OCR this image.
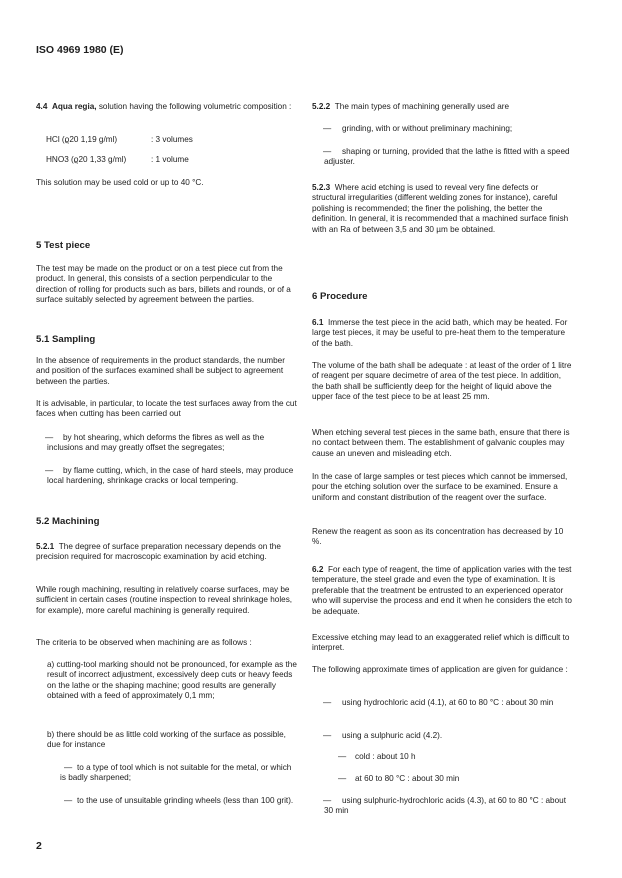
ISO 4969 1980 (E)

4.4 Aqua regia, solution having the following volumetric composition :

HCl (ϱ20 1,19 g/ml)	: 3 volumes
HNO3 (ϱ20 1,33 g/ml)	: 1 volume

This solution may be used cold or up to 40 °C.

5 Test piece

The test may be made on the product or on a test piece cut from the product. In general, this consists of a section perpendicular to the direction of rolling for products such as bars, billets and rounds, or of a surface suitably selected by agreement between the parties.

5.1 Sampling

In the absence of requirements in the product standards, the number and position of the surfaces examined shall be subject to agreement between the parties.

It is advisable, in particular, to locate the test surfaces away from the cut faces when cutting has been carried out

—	by hot shearing, which deforms the fibres as well as the inclusions and may greatly offset the segregates;

—	by flame cutting, which, in the case of hard steels, may produce local hardening, shrinkage cracks or local tempering.

5.2 Machining

5.2.1 The degree of surface preparation necessary depends on the precision required for macroscopic examination by acid etching.

While rough machining, resulting in relatively coarse surfaces, may be sufficient in certain cases (routine inspection to reveal shrinkage holes, for example), more careful machining is generally required.

The criteria to be observed when machining are as follows :

a) cutting-tool marking should not be pronounced, for example as the result of incorrect adjustment, excessively deep cuts or heavy feeds on the lathe or the shaping machine; good results are generally obtained with a feed of approximately 0,1 mm;

b) there should be as little cold working of the surface as possible, due for instance

— to a type of tool which is not suitable for the metal, or which is badly sharpened;

— to the use of unsuitable grinding wheels (less than 100 grit).

5.2.2 The main types of machining generally used are

—	grinding, with or without preliminary machining;

—	shaping or turning, provided that the lathe is fitted with a speed adjuster.

5.2.3 Where acid etching is used to reveal very fine defects or structural irregularities (different welding zones for instance), careful polishing is recommended; the finer the polishing, the better the definition. In general, it is recommended that a machined surface finish with an Ra of between 3,5 and 30 µm be obtained.

6 Procedure

6.1 Immerse the test piece in the acid bath, which may be heated. For large test pieces, it may be useful to pre-heat them to the temperature of the bath.

The volume of the bath shall be adequate : at least of the order of 1 litre of reagent per square decimetre of area of the test piece. In addition, the bath shall be sufficiently deep for the height of liquid above the upper face of the test piece to be at least 25 mm.

When etching several test pieces in the same bath, ensure that there is no contact between them. The establishment of galvanic couples may cause an uneven and misleading etch.

In the case of large samples or test pieces which cannot be immersed, pour the etching solution over the surface to be examined. Ensure a uniform and constant distribution of the reagent over the surface.

Renew the reagent as soon as its concentration has decreased by 10 %.

6.2 For each type of reagent, the time of application varies with the test temperature, the steel grade and even the type of examination. It is preferable that the treatment be entrusted to an experienced operator who will supervise the process and end it when he considers the etch to be adequate.

Excessive etching may lead to an exaggerated relief which is difficult to interpret.

The following approximate times of application are given for guidance :

—	using hydrochloric acid (4.1), at 60 to 80 °C : about 30 min

—	using a sulphuric acid (4.2).

— cold : about 10 h

— at 60 to 80 °C : about 30 min

—	using sulphuric-hydrochloric acids (4.3), at 60 to 80 °C : about 30 min

2
